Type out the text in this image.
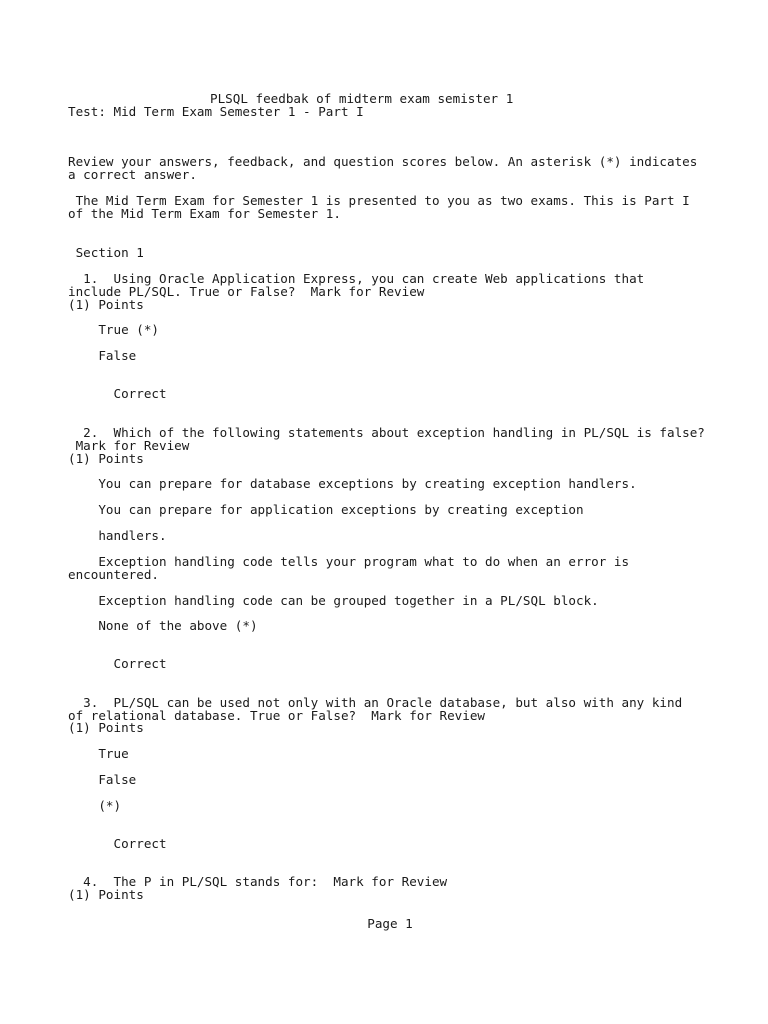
PLSQL feedbak of midterm exam semister 1
Test: Mid Term Exam Semester 1 - Part I
Review your answers, feedback, and question scores below. An asterisk (*) indicates
a correct answer.
The Mid Term Exam for Semester 1 is presented to you as two exams. This is Part I
of the Mid Term Exam for Semester 1.
Section 1
1.  Using Oracle Application Express, you can create Web applications that
include PL/SQL. True or False?  Mark for Review
(1) Points
True (*)
False
Correct
2.  Which of the following statements about exception handling in PL/SQL is false?
Mark for Review
(1) Points
You can prepare for database exceptions by creating exception handlers.
You can prepare for application exceptions by creating exception
handlers.
Exception handling code tells your program what to do when an error is
encountered.
Exception handling code can be grouped together in a PL/SQL block.
None of the above (*)
Correct
3.  PL/SQL can be used not only with an Oracle database, but also with any kind
of relational database. True or False?  Mark for Review
(1) Points
True
False
(*)
Correct
4.  The P in PL/SQL stands for:  Mark for Review
(1) Points
Page 1
